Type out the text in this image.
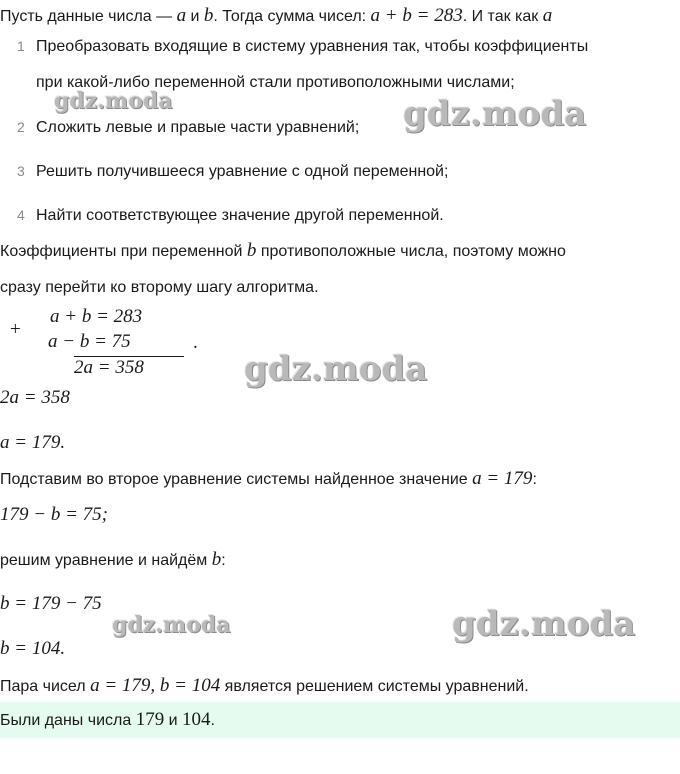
Пусть данные числа — a и b. Тогда сумма чисел: a + b = 283. И так как a
1 Преобразовать входящие в систему уравнения так, чтобы коэффициенты
при какой-либо переменной стали противоположными числами;
2 Сложить левые и правые части уравнений;
3 Решить получившееся уравнение с одной переменной;
4 Найти соответствующее значение другой переменной.
Коэффициенты при переменной b противоположные числа, поэтому можно
сразу перейти ко второму шагу алгоритма.
+
a + b = 283
a − b = 75
2a = 358
.
2a = 358
a = 179.
Подставим во второе уравнение системы найденное значение a = 179:
179 − b = 75;
решим уравнение и найдём b:
b = 179 − 75
b = 104.
Пара чисел a = 179, b = 104 является решением системы уравнений.
Были даны числа 179 и 104.
gdz.moda	gdz.moda
gdz.moda
gdz.moda	gdz.moda
